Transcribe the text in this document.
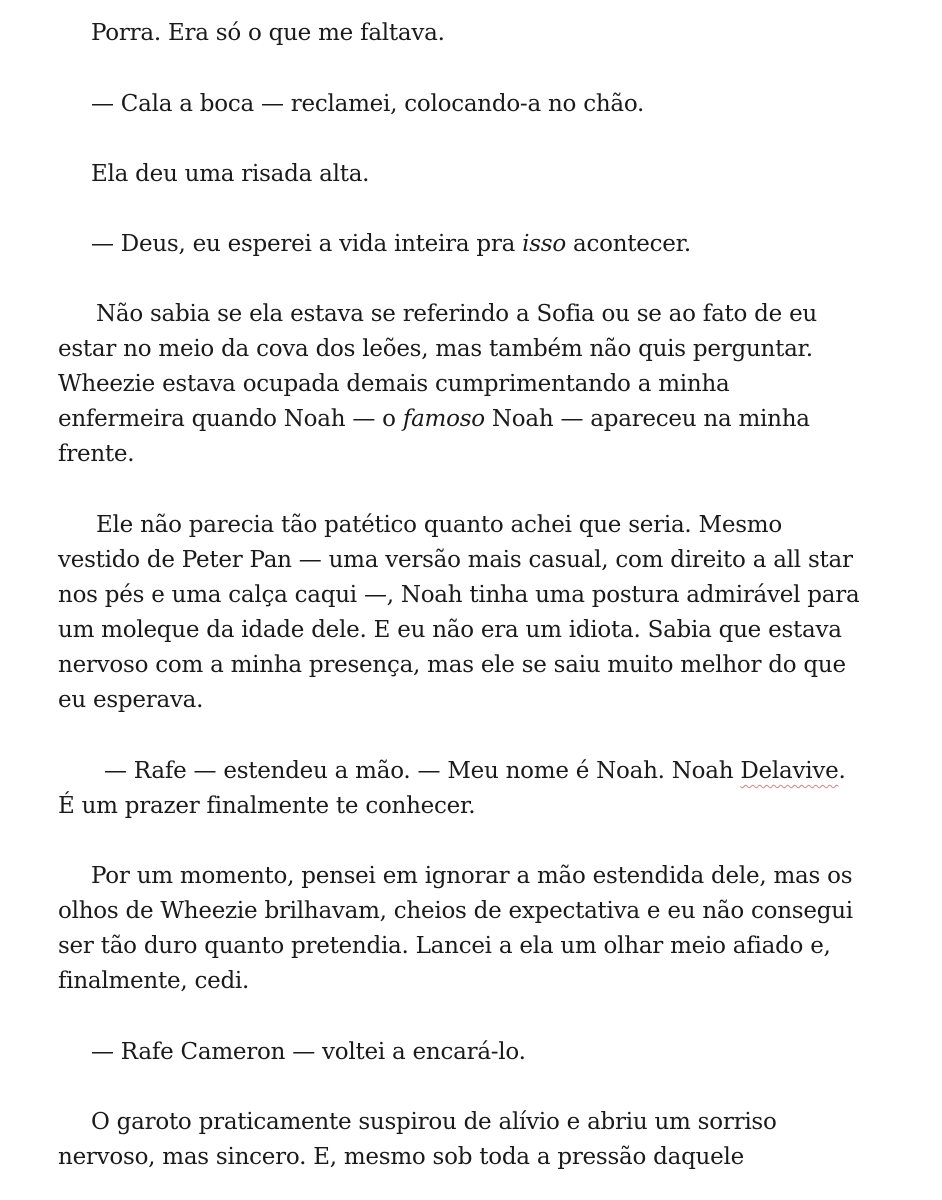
Porra. Era só o que me faltava.
— Cala a boca — reclamei, colocando-a no chão.
Ela deu uma risada alta.
— Deus, eu esperei a vida inteira pra isso acontecer.
Não sabia se ela estava se referindo a Sofia ou se ao fato de eu
estar no meio da cova dos leões, mas também não quis perguntar.
Wheezie estava ocupada demais cumprimentando a minha
enfermeira quando Noah — o famoso Noah — apareceu na minha
frente.
Ele não parecia tão patético quanto achei que seria. Mesmo
vestido de Peter Pan — uma versão mais casual, com direito a all star
nos pés e uma calça caqui —, Noah tinha uma postura admirável para
um moleque da idade dele. E eu não era um idiota. Sabia que estava
nervoso com a minha presença, mas ele se saiu muito melhor do que
eu esperava.
— Rafe — estendeu a mão. — Meu nome é Noah. Noah Delavive.
É um prazer finalmente te conhecer.
Por um momento, pensei em ignorar a mão estendida dele, mas os
olhos de Wheezie brilhavam, cheios de expectativa e eu não consegui
ser tão duro quanto pretendia. Lancei a ela um olhar meio afiado e,
finalmente, cedi.
— Rafe Cameron — voltei a encará-lo.
O garoto praticamente suspirou de alívio e abriu um sorriso
nervoso, mas sincero. E, mesmo sob toda a pressão daquele
